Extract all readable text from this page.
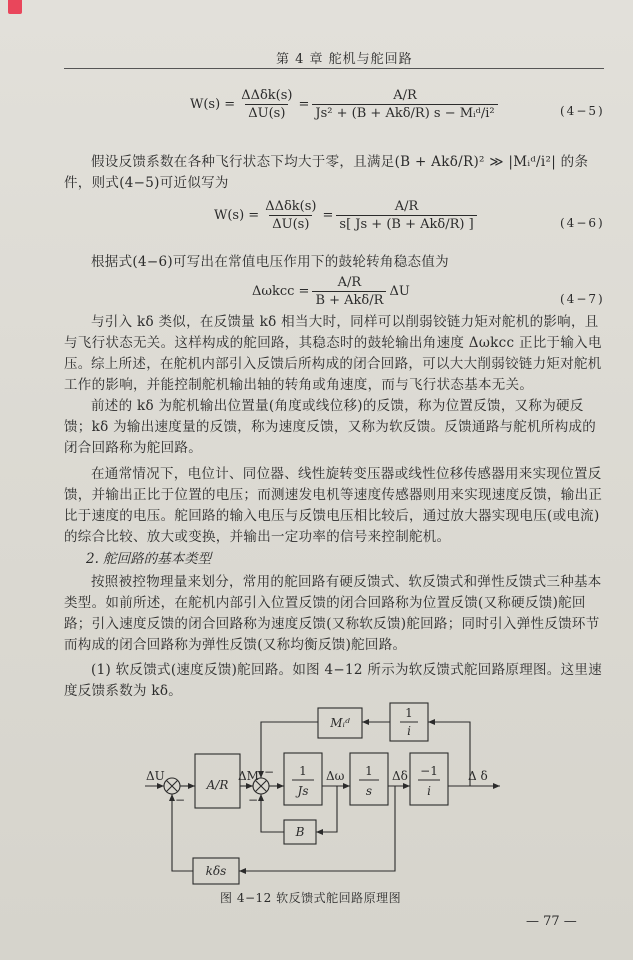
第 4 章 舵机与舵回路
$W(s) = \frac{\text{ΔΔδk(s)}}{\Delta U(s)} = \frac{A/R}{\text{Js² + (B + Akδ/R) s − Mᵢᵈ/i²}}$	(4−5)

假设反馈系数在各种飞行状态下均大于零，且满足(B + Akδ/R)² ≫ |Mᵢᵈ/i²| 的条件，则式(4−5)可近似写为

$W(s) = \frac{\text{ΔΔδk(s)}}{\Delta U(s)} = \frac{A/R}{\text{s[ Js + (B + Akδ/R) ]}}$	(4−6)

根据式(4−6)可写出在常值电压作用下的鼓轮转角稳态值为

$\Delta\omega kcc = \frac{A/R}{\text{B + Akδ/R}}$ ΔU	(4−7)

与引入 kδ 类似，在反馈量 kδ 相当大时，同样可以削弱铰链力矩对舵机的影响，且与飞行状态无关。这样构成的舵回路，其稳态时的鼓轮输出角速度 Δωkcc 正比于输入电压。 综上所述，在舵机内部引入反馈后所构成的闭合回路，可以大大削弱铰链力矩对舵机工作的影响，并能控制舵机输出轴的转角或角速度，而与飞行状态基本无关。

前述的 kδ 为舵机输出位置量(角度或线位移)的反馈，称为位置反馈，又称为硬反馈；kδ 为输出速度量的反馈，称为速度反馈，又称为软反馈。反馈通路与舵机所构成的闭合回路称为舵回路。

在通常情况下，电位计、同位器、线性旋转变压器或线性位移传感器用来实现位置反馈，并输出正比于位置的电压；而测速发电机等速度传感器则用来实现速度反馈，输出正比于速度的电压。舵回路的输入电压与反馈电压相比较后，通过放大器实现电压(或电流)的综合比较、放大或变换，并输出一定功率的信号来控制舵机。

2. 舵回路的基本类型

按照被控物理量来划分，常用的舵回路有硬反馈式、软反馈式和弹性反馈式三种基本类型。如前所述，在舵机内部引入位置反馈的闭合回路称为位置反馈(又称硬反馈)舵回路；引入速度反馈的闭合回路称为速度反馈(又称软反馈)舵回路；同时引入弹性反馈环节而构成的闭合回路称为弹性反馈(又称均衡反馈)舵回路。

(1) 软反馈式(速度反馈)舵回路。如图 4−12 所示为软反馈式舵回路原理图。这里速度反馈系数为 kδ。

ΔU
−
ΔM
−
−	Δω	Δδ	Δ δ
A/R
1
Js
1
s
−1
i
Mᵢᵈ
1
i
B
kδs
图 4−12 软反馈式舵回路原理图
— 77 —
